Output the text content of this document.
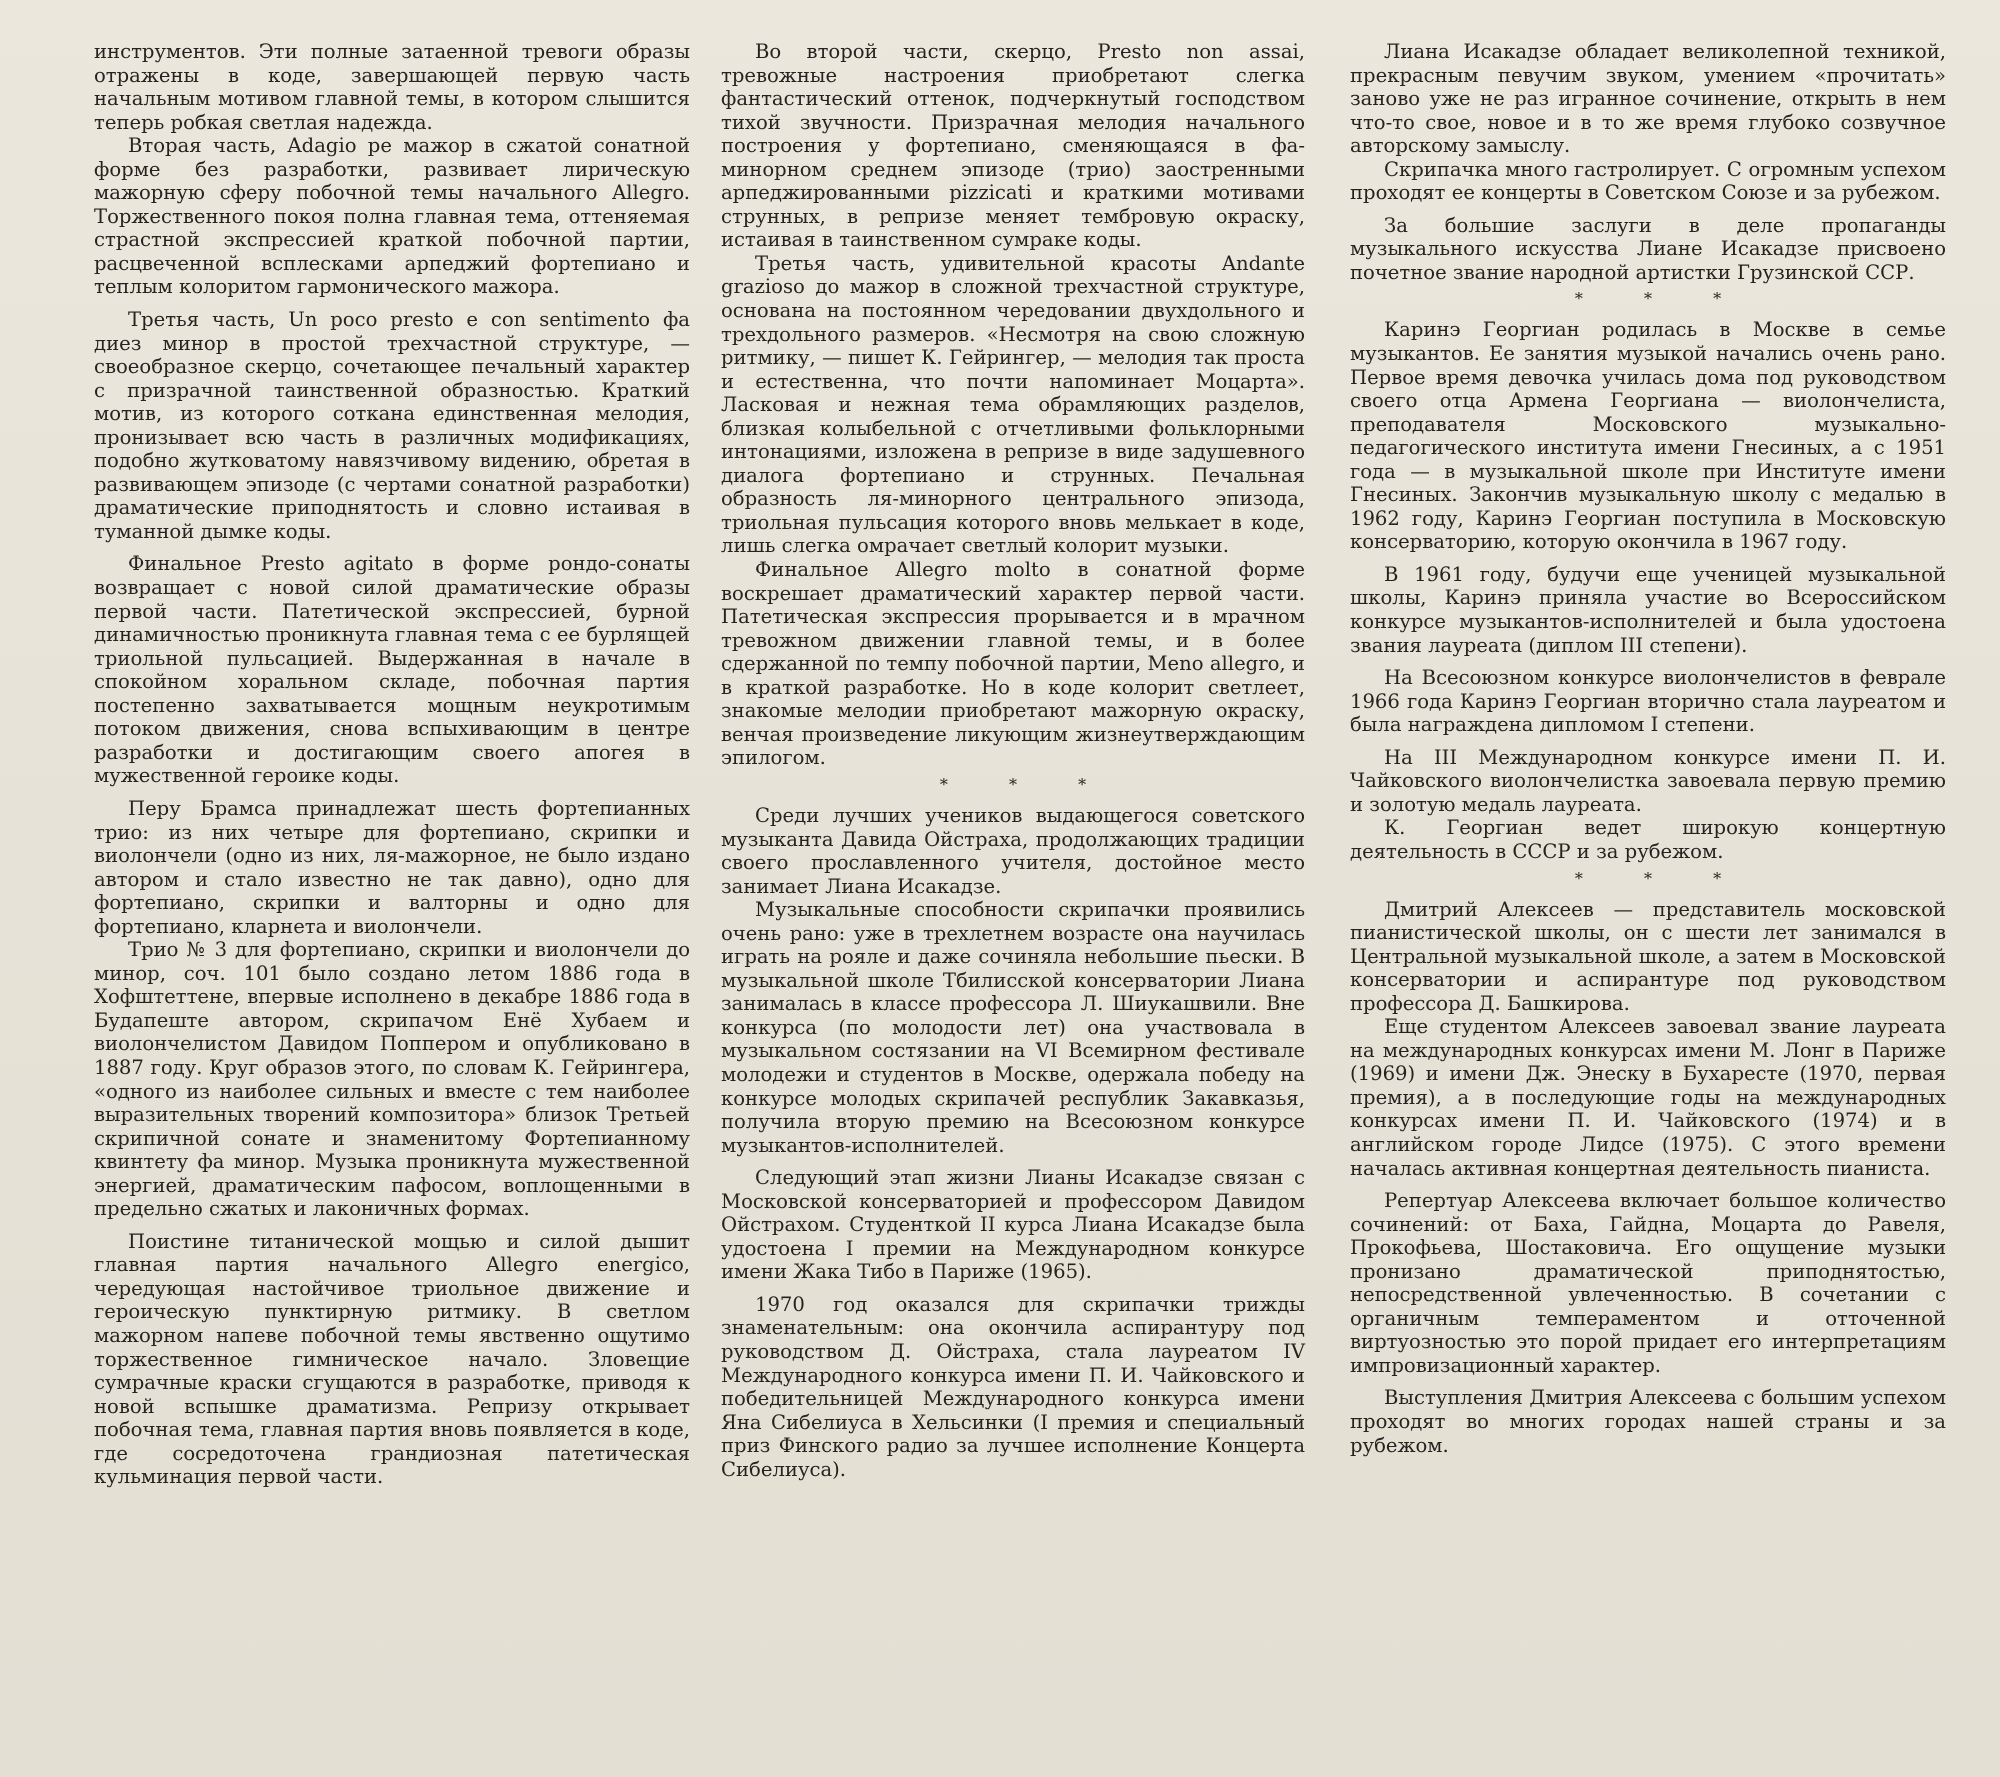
инструментов. Эти полные затаенной тревоги образы отражены в коде, завершающей первую часть начальным мотивом главной темы, в котором слышится теперь робкая светлая надежда.

Вторая часть, Adagio ре мажор в сжатой сонатной форме без разработки, развивает лирическую мажорную сферу побочной темы начального Allegro. Торжественного покоя полна главная тема, оттеняемая страстной экспрессией краткой побочной партии, расцвеченной всплесками арпеджий фортепиано и теплым колоритом гармонического мажора.

Третья часть, Un poco presto e con sentimento фа диез минор в простой трехчастной структуре, — своеобразное скерцо, сочетающее печальный характер с призрачной таинственной образностью. Краткий мотив, из которого соткана единственная мелодия, пронизывает всю часть в различных модификациях, подобно жутковатому навязчивому видению, обретая в развивающем эпизоде (с чертами сонатной разработки) драматические приподнятость и словно истаивая в туманной дымке коды.

Финальное Presto agitato в форме рондо-сонаты возвращает с новой силой драматические образы первой части. Патетической экспрессией, бурной динамичностью проникнута главная тема с ее бурлящей триольной пульсацией. Выдержанная в начале в спокойном хоральном складе, побочная партия постепенно захватывается мощным неукротимым потоком движения, снова вспыхивающим в центре разработки и достигающим своего апогея в мужественной героике коды.

Перу Брамса принадлежат шесть фортепианных трио: из них четыре для фортепиано, скрипки и виолончели (одно из них, ля-мажорное, не было издано автором и стало известно не так давно), одно для фортепиано, скрипки и валторны и одно для фортепиано, кларнета и виолончели.

Трио № 3 для фортепиано, скрипки и виолончели до минор, соч. 101 было создано летом 1886 года в Хофштеттене, впервые исполнено в декабре 1886 года в Будапеште автором, скрипачом Енё Хубаем и виолончелистом Давидом Поппером и опубликовано в 1887 году. Круг образов этого, по словам К. Гейрингера, «одного из наиболее сильных и вместе с тем наиболее выразительных творений композитора» близок Третьей скрипичной сонате и знаменитому Фортепианному квинтету фа минор. Музыка проникнута мужественной энергией, драматическим пафосом, воплощенными в предельно сжатых и лаконичных формах.

Поистине титанической мощью и силой дышит главная партия начального Allegro energico, чередующая настойчивое триольное движение и героическую пунктирную ритмику. В светлом мажорном напеве побочной темы явственно ощутимо торжественное гимническое начало. Зловещие сумрачные краски сгущаются в разработке, приводя к новой вспышке драматизма. Репризу открывает побочная тема, главная партия вновь появляется в коде, где сосредоточена грандиозная патетическая кульминация первой части.

Во второй части, скерцо, Presto non assai, тревожные настроения приобретают слегка фантастический оттенок, подчеркнутый господством тихой звучности. Призрачная мелодия начального построения у фортепиано, сменяющаяся в фа-минорном среднем эпизоде (трио) заостренными арпеджированными pizzicati и краткими мотивами струнных, в репризе меняет тембровую окраску, истаивая в таинственном сумраке коды.

Третья часть, удивительной красоты Andante grazioso до мажор в сложной трехчастной структуре, основана на постоянном чередовании двухдольного и трехдольного размеров. «Несмотря на свою сложную ритмику, — пишет К. Гейрингер, — мелодия так проста и естественна, что почти напоминает Моцарта». Ласковая и нежная тема обрамляющих разделов, близкая колыбельной с отчетливыми фольклорными интонациями, изложена в репризе в виде задушевного диалога фортепиано и струнных. Печальная образность ля-минорного центрального эпизода, триольная пульсация которого вновь мелькает в коде, лишь слегка омрачает светлый колорит музыки.

Финальное Allegro molto в сонатной форме воскрешает драматический характер первой части. Патетическая экспрессия прорывается и в мрачном тревожном движении главной темы, и в более сдержанной по темпу побочной партии, Meno allegro, и в краткой разработке. Но в коде колорит светлеет, знакомые мелодии приобретают мажорную окраску, венчая произведение ликующим жизнеутверждающим эпилогом.

* * *

Среди лучших учеников выдающегося советского музыканта Давида Ойстраха, продолжающих традиции своего прославленного учителя, достойное место занимает Лиана Исакадзе.

Музыкальные способности скрипачки проявились очень рано: уже в трехлетнем возрасте она научилась играть на рояле и даже сочиняла небольшие пьески. В музыкальной школе Тбилисской консерватории Лиана занималась в классе профессора Л. Шиукашвили. Вне конкурса (по молодости лет) она участвовала в музыкальном состязании на VI Всемирном фестивале молодежи и студентов в Москве, одержала победу на конкурсе молодых скрипачей республик Закавказья, получила вторую премию на Всесоюзном конкурсе музыкантов-исполнителей.

Следующий этап жизни Лианы Исакадзе связан с Московской консерваторией и профессором Давидом Ойстрахом. Студенткой II курса Лиана Исакадзе была удостоена I премии на Международном конкурсе имени Жака Тибо в Париже (1965).

1970 год оказался для скрипачки трижды знаменательным: она окончила аспирантуру под руководством Д. Ойстраха, стала лауреатом IV Международного конкурса имени П. И. Чайковского и победительницей Международного конкурса имени Яна Сибелиуса в Хельсинки (I премия и специальный приз Финского радио за лучшее исполнение Концерта Сибелиуса).

Лиана Исакадзе обладает великолепной техникой, прекрасным певучим звуком, умением «прочитать» заново уже не раз игранное сочинение, открыть в нем что-то свое, новое и в то же время глубоко созвучное авторскому замыслу.

Скрипачка много гастролирует. С огромным успехом проходят ее концерты в Советском Союзе и за рубежом.

За большие заслуги в деле пропаганды музыкального искусства Лиане Исакадзе присвоено почетное звание народной артистки Грузинской ССР.

* * *

Каринэ Георгиан родилась в Москве в семье музыкантов. Ее занятия музыкой начались очень рано. Первое время девочка училась дома под руководством своего отца Армена Георгиана — виолончелиста, преподавателя Московского музыкально-педагогического института имени Гнесиных, а с 1951 года — в музыкальной школе при Институте имени Гнесиных. Закончив музыкальную школу с медалью в 1962 году, Каринэ Георгиан поступила в Московскую консерваторию, которую окончила в 1967 году.

В 1961 году, будучи еще ученицей музыкальной школы, Каринэ приняла участие во Всероссийском конкурсе музыкантов-исполнителей и была удостоена звания лауреата (диплом III степени).

На Всесоюзном конкурсе виолончелистов в феврале 1966 года Каринэ Георгиан вторично стала лауреатом и была награждена дипломом I степени.

На III Международном конкурсе имени П. И. Чайковского виолончелистка завоевала первую премию и золотую медаль лауреата.

К. Георгиан ведет широкую концертную деятельность в СССР и за рубежом.

* * *

Дмитрий Алексеев — представитель московской пианистической школы, он с шести лет занимался в Центральной музыкальной школе, а затем в Московской консерватории и аспирантуре под руководством профессора Д. Башкирова.

Еще студентом Алексеев завоевал звание лауреата на международных конкурсах имени М. Лонг в Париже (1969) и имени Дж. Энеску в Бухаресте (1970, первая премия), а в последующие годы на международных конкурсах имени П. И. Чайковского (1974) и в английском городе Лидсе (1975). С этого времени началась активная концертная деятельность пианиста.

Репертуар Алексеева включает большое количество сочинений: от Баха, Гайдна, Моцарта до Равеля, Прокофьева, Шостаковича. Его ощущение музыки пронизано драматической приподнятостью, непосредственной увлеченностью. В сочетании с органичным темпераментом и отточенной виртуозностью это порой придает его интерпретациям импровизационный характер.

Выступления Дмитрия Алексеева с большим успехом проходят во многих городах нашей страны и за рубежом.
